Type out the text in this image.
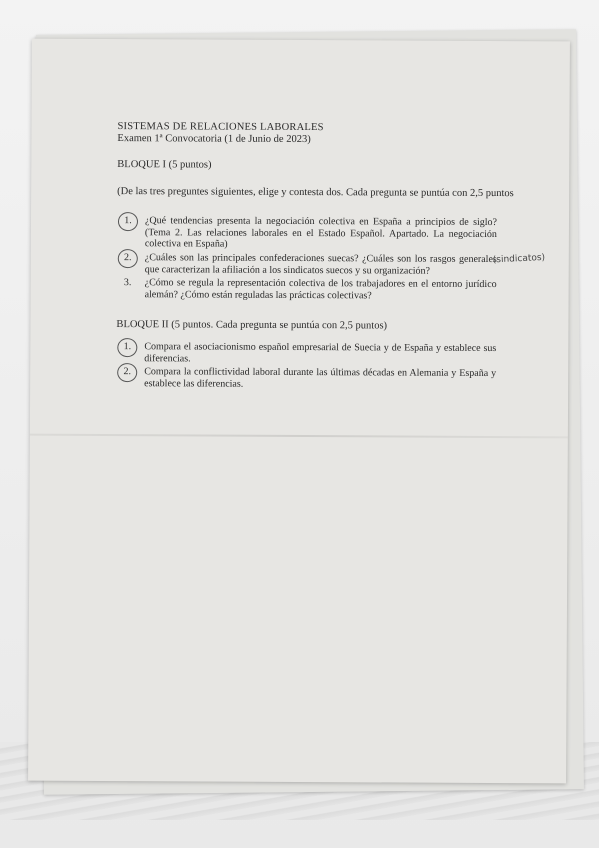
SISTEMAS DE RELACIONES LABORALES
Examen 1ª Convocatoria (1 de Junio de 2023)
BLOQUE I (5 puntos)
(De las tres preguntes siguientes, elige y contesta dos. Cada pregunta se puntúa con 2,5 puntos
1.	¿Qué tendencias presenta la negociación colectiva en España a principios de siglo? (Tema 2. Las relaciones laborales en el Estado Español. Apartado. La negociación colectiva en España)
2.	¿Cuáles son las principales confederaciones suecas? ¿Cuáles son los rasgos generales que caracterizan la afiliación a los sindicatos suecos y su organización?
(sindicatos)
3.	¿Cómo se regula la representación colectiva de los trabajadores en el entorno jurídico alemán? ¿Cómo están reguladas las prácticas colectivas?
BLOQUE II (5 puntos. Cada pregunta se puntúa con 2,5 puntos)
1.	Compara el asociacionismo español empresarial de Suecia y de España y establece sus diferencias.
2.	Compara la conflictividad laboral durante las últimas décadas en Alemania y España y establece las diferencias.
